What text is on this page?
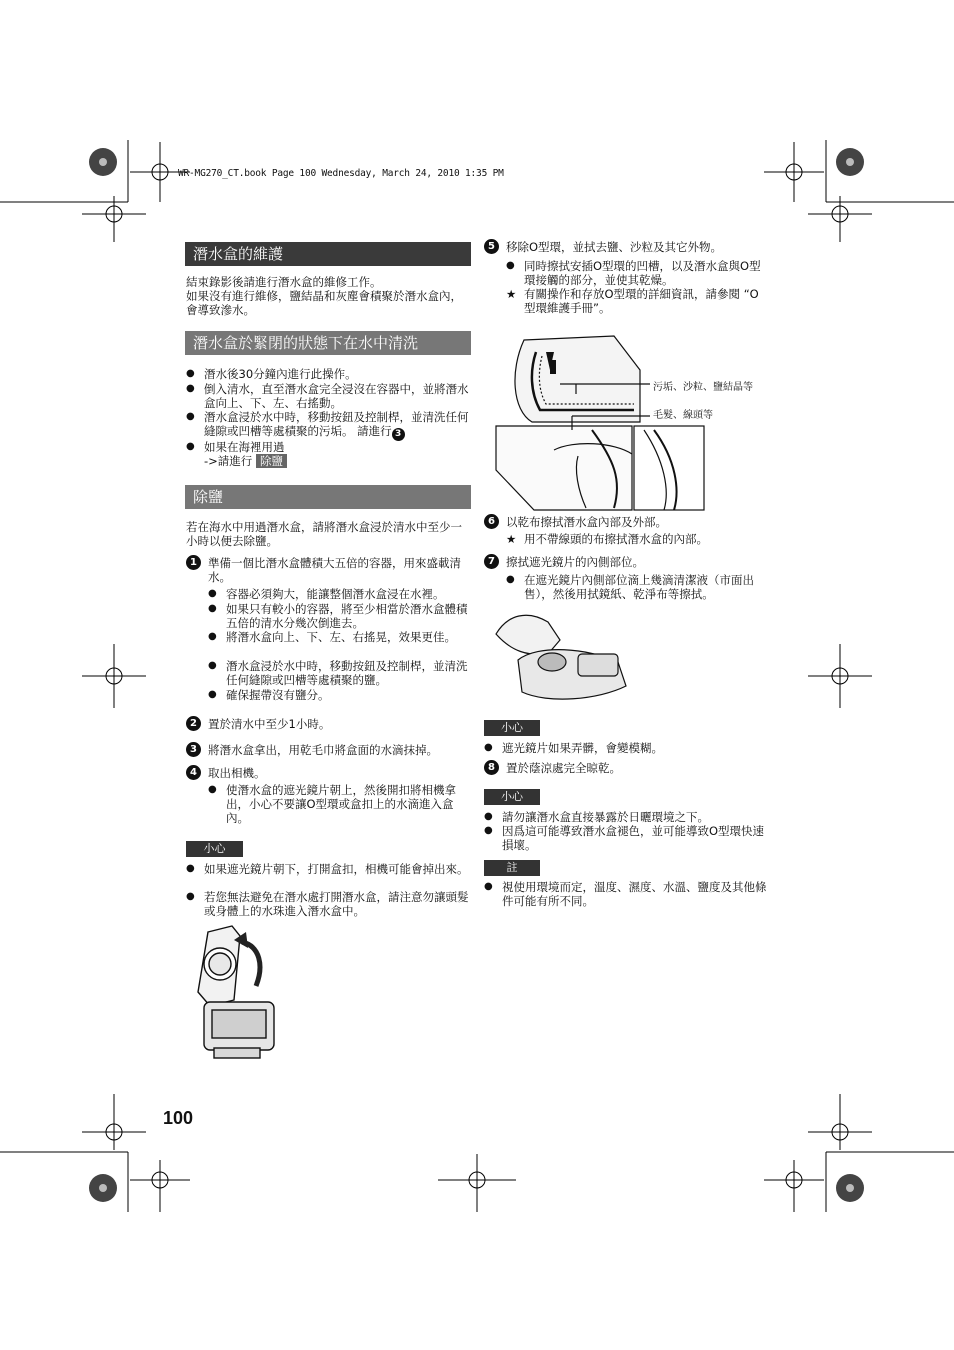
WR-MG270_CT.book Page 100 Wednesday, March 24, 2010 1:35 PM
潛水盒的維護
結束錄影後請進行潛水盒的維修工作。
如果沒有進行維修，鹽結晶和灰塵會積聚於潛水盒內，會導致滲水。
潛水盒於緊閉的狀態下在水中清洗
● 潛水後30分鐘內進行此操作。
● 倒入清水，直至潛水盒完全浸沒在容器中，並將潛水盒向上、下、左、右搖動。
● 潛水盒浸於水中時，移動按鈕及控制桿，並清洗任何縫隙或凹槽等處積聚的污垢。 請進行 3
● 如果在海裡用過
->請進行 除鹽
除鹽
若在海水中用過潛水盒，請將潛水盒浸於清水中至少一小時以便去除鹽。
1 準備一個比潛水盒體積大五倍的容器，用來盛載清水。
● 容器必須夠大，能讓整個潛水盒浸在水裡。
● 如果只有較小的容器，將至少相當於潛水盒體積五倍的清水分幾次倒進去。
● 將潛水盒向上、下、左、右搖晃，效果更佳。
● 潛水盒浸於水中時，移動按鈕及控制桿，並清洗任何縫隙或凹槽等處積聚的鹽。
● 確保握帶沒有鹽分。
2 置於清水中至少1小時。
3 將潛水盒拿出，用乾毛巾將盒面的水滴抹掉。
4 取出相機。
● 使潛水盒的遮光鏡片朝上，然後開扣將相機拿出，小心不要讓O型環或盒扣上的水滴進入盒內。
小心
● 如果遮光鏡片朝下，打開盒扣，相機可能會掉出來。
● 若您無法避免在潛水處打開潛水盒，請注意勿讓頭髮或身體上的水珠進入潛水盒中。
100
5 移除O型環，並拭去鹽、沙粒及其它外物。
● 同時擦拭安插O型環的凹槽，以及潛水盒與O型環接觸的部分，並使其乾燥。
★ 有關操作和存放O型環的詳細資訊，請參閱 “O型環維護手冊”。
污垢、沙粒、鹽結晶等
毛髮、線頭等
6 以乾布擦拭潛水盒內部及外部。
★ 用不帶線頭的布擦拭潛水盒的內部。
7 擦拭遮光鏡片的內側部位。
● 在遮光鏡片內側部位滴上幾滴清潔液（市面出售），然後用拭鏡紙、乾淨布等擦拭。
小心
● 遮光鏡片如果弄髒，會變模糊。
8 置於蔭涼處完全晾乾。
小心
● 請勿讓潛水盒直接暴露於日曬環境之下。
● 因爲這可能導致潛水盒褪色，並可能導致O型環快速損壞。
註
● 視使用環境而定，溫度、濕度、水溫、鹽度及其他條件可能有所不同。
